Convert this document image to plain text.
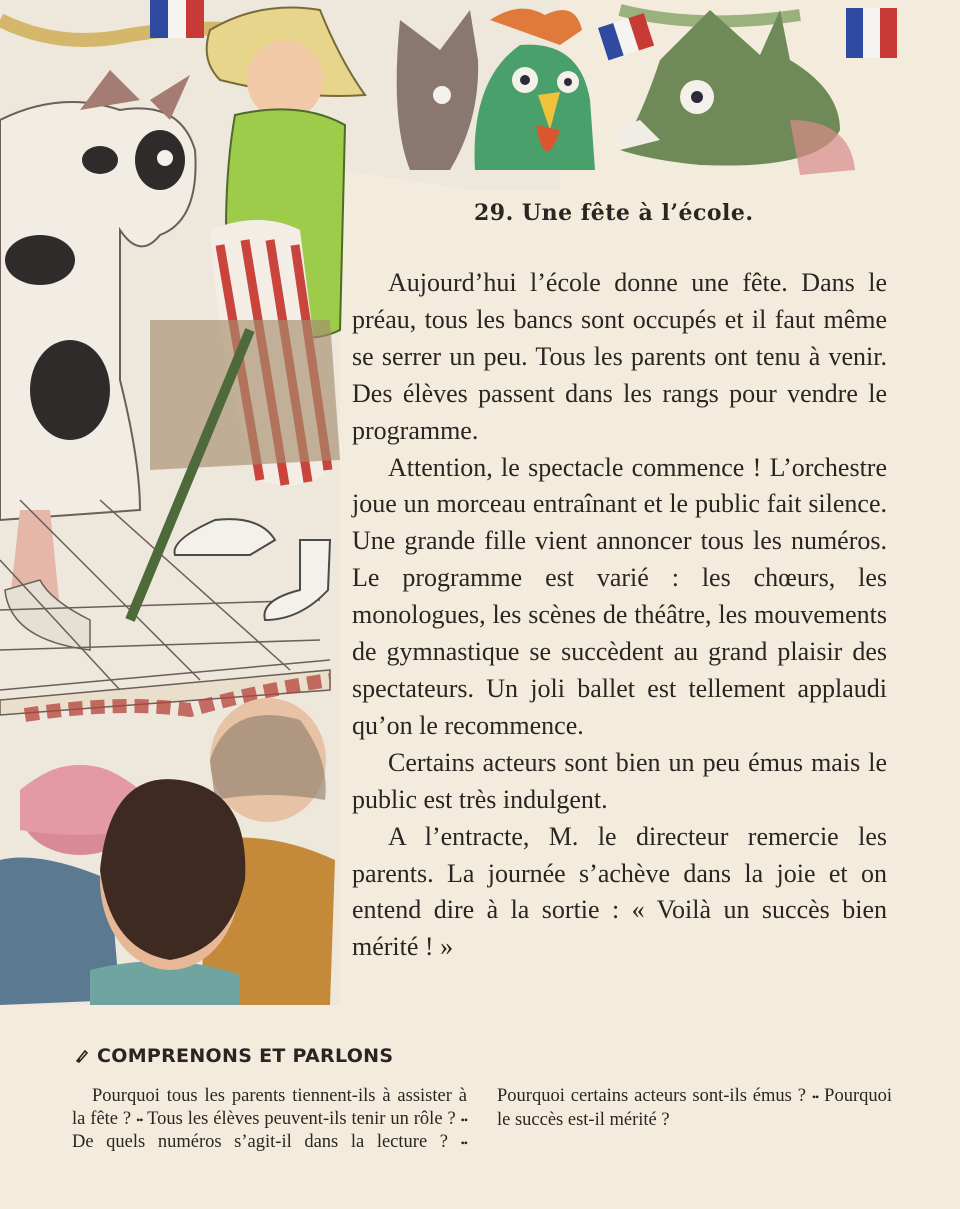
29. Une fête à l’école.

Aujourd’hui l’école donne une fête. Dans le préau, tous les bancs sont occupés et il faut même se serrer un peu. Tous les parents ont tenu à venir. Des élèves passent dans les rangs pour vendre le programme.

Attention, le spectacle commence ! L’orchestre joue un morceau entraînant et le public fait silence. Une grande fille vient annoncer tous les numéros. Le programme est varié : les chœurs, les monologues, les scènes de théâtre, les mouvements de gymnastique se succèdent au grand plaisir des spectateurs. Un joli ballet est tellement applaudi qu’on le recommence.

Certains acteurs sont bien un peu émus mais le public est très indulgent.

A l’entracte, M. le directeur remercie les parents. La journée s’achève dans la joie et on entend dire à la sortie : « Voilà un succès bien mérité ! »

COMPRENONS ET PARLONS

Pourquoi tous les parents tiennent-ils à assister à la fête ? •• Tous les élèves peuvent-ils tenir un rôle ? •• De quels numéros s’agit-il dans la lecture ? •• Pourquoi certains acteurs sont-ils émus ? •• Pourquoi le succès est-il mérité ?
